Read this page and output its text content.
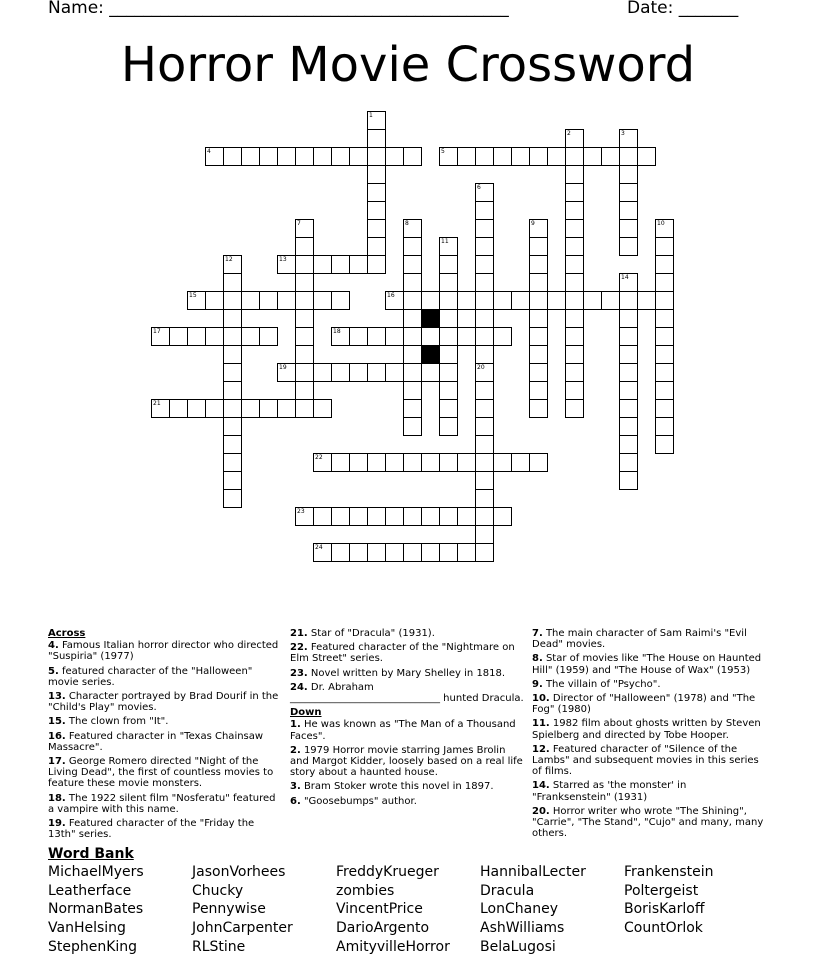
Name: _______________________________________________	Date: _______
Horror Movie Crossword
1
2	3
4	5
6
20
7	8	9	10
11
12	13
14
15	16
17	18
19
21
22
23
24

Across

4. Famous Italian horror director who directed "Suspiria" (1977)

5. featured character of the "Halloween" movie series.

13. Character portrayed by Brad Dourif in the "Child's Play" movies.

15. The clown from "It".

16. Featured character in "Texas Chainsaw Massacre".

17. George Romero directed "Night of the Living Dead", the first of countless movies to feature these movie monsters.

18. The 1922 silent film "Nosferatu" featured a vampire with this name.

19. Featured character of the "Friday the 13th" series.

21. Star of "Dracula" (1931).

22. Featured character of the "Nightmare on Elm Street" series.

23. Novel written by Mary Shelley in 1818.

24. Dr. Abraham ______________________________ hunted Dracula.

Down

1. He was known as "The Man of a Thousand Faces".

2. 1979 Horror movie starring James Brolin and Margot Kidder, loosely based on a real life story about a haunted house.

3. Bram Stoker wrote this novel in 1897.

6. "Goosebumps" author.

7. The main character of Sam Raimi's "Evil Dead" movies.

8. Star of movies like "The House on Haunted Hill" (1959) and "The House of Wax" (1953)

9. The villain of "Psycho".

10. Director of "Halloween" (1978) and "The Fog" (1980)

11. 1982 film about ghosts written by Steven Spielberg and directed by Tobe Hooper.

12. Featured character of "Silence of the Lambs" and subsequent movies in this series of films.

14. Starred as 'the monster' in "Franksenstein" (1931)

20. Horror writer who wrote "The Shining", "Carrie", "The Stand", "Cujo" and many, many others.

Word Bank
MichaelMyers
Leatherface
NormanBates
VanHelsing
StephenKing
JasonVorhees
Chucky
Pennywise
JohnCarpenter
RLStine
FreddyKrueger
zombies
VincentPrice
DarioArgento
AmityvilleHorror
HannibalLecter
Dracula
LonChaney
AshWilliams
BelaLugosi
Frankenstein
Poltergeist
BorisKarloff
CountOrlok
